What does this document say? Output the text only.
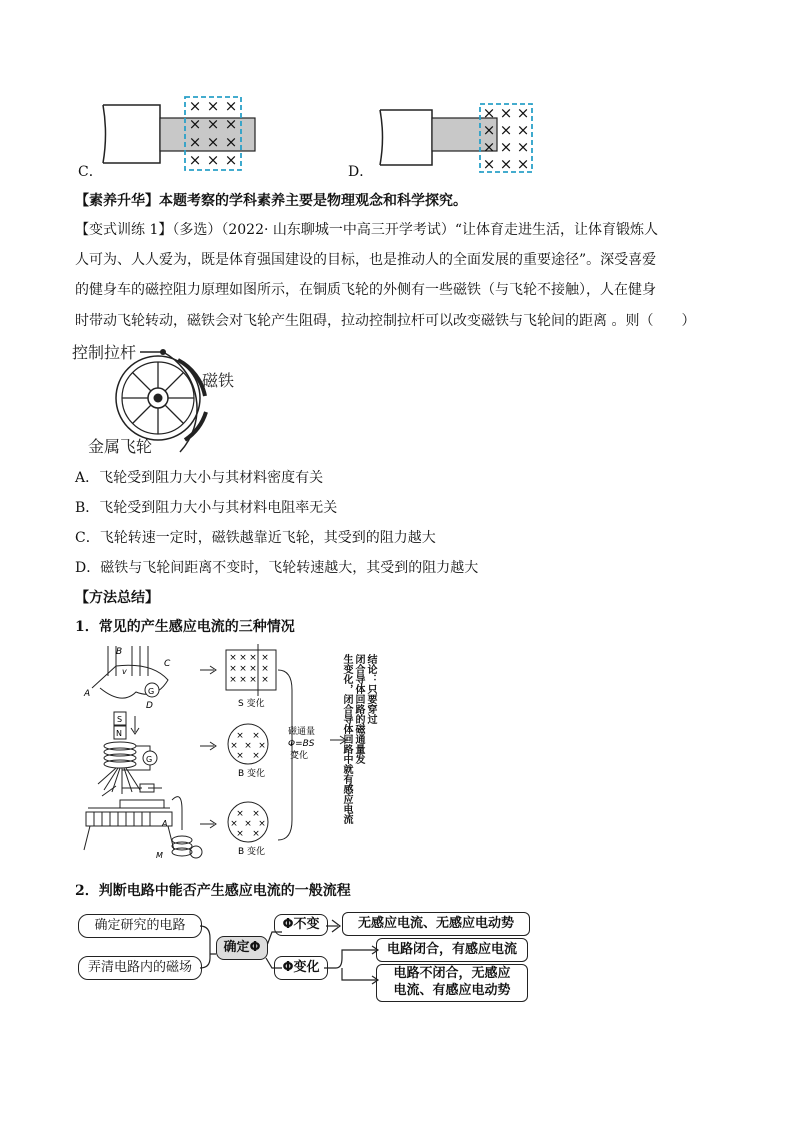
C．
× × ×
× × ×
× × ×
× × ×
D．
× × ×
× × ×
× × ×
× × ×
【素养升华】本题考察的学科素养主要是物理观念和科学探究。
【变式训练 1】（多选）（2022· 山东聊城一中高三开学考试）“让体育走进生活，让体育锻炼人
人可为、人人爱为，既是体育强国建设的目标，也是推动人的全面发展的重要途径”。深受喜爱
的健身车的磁控阻力原理如图所示，在铜质飞轮的外侧有一些磁铁（与飞轮不接触），人在健身
时带动飞轮转动，磁铁会对飞轮产生阻碍，拉动控制拉杆可以改变磁铁与飞轮间的距离 。则（　　）
控制拉杆
磁铁
金属飞轮
A．飞轮受到阻力大小与其材料密度有关
B．飞轮受到阻力大小与其材料电阻率无关
C．飞轮转速一定时，磁铁越靠近飞轮，其受到的阻力越大
D．磁铁与飞轮间距离不变时，飞轮转速越大，其受到的阻力越大
【方法总结】
1．常见的产生感应电流的三种情况
G
B
C
A
D
v
× × × ×
× × × ×
× × × ×
S 变化
S
N
G
× ×
× × ×
× ×
B 变化
A
M
× ×
× × ×
× ×
B 变化
磁通量
Φ=BS
变化
结论：只要穿过
闭合导体回路的磁通量发
生变化，闭合导体回路中就有感应电流
2．判断电路中能否产生感应电流的一般流程
确定研究的电路
弄清电路内的磁场
确定Φ
Φ不变
Φ变化
无感应电流、无感应电动势
电路闭合，有感应电流
电路不闭合，无感应
电流、有感应电动势
